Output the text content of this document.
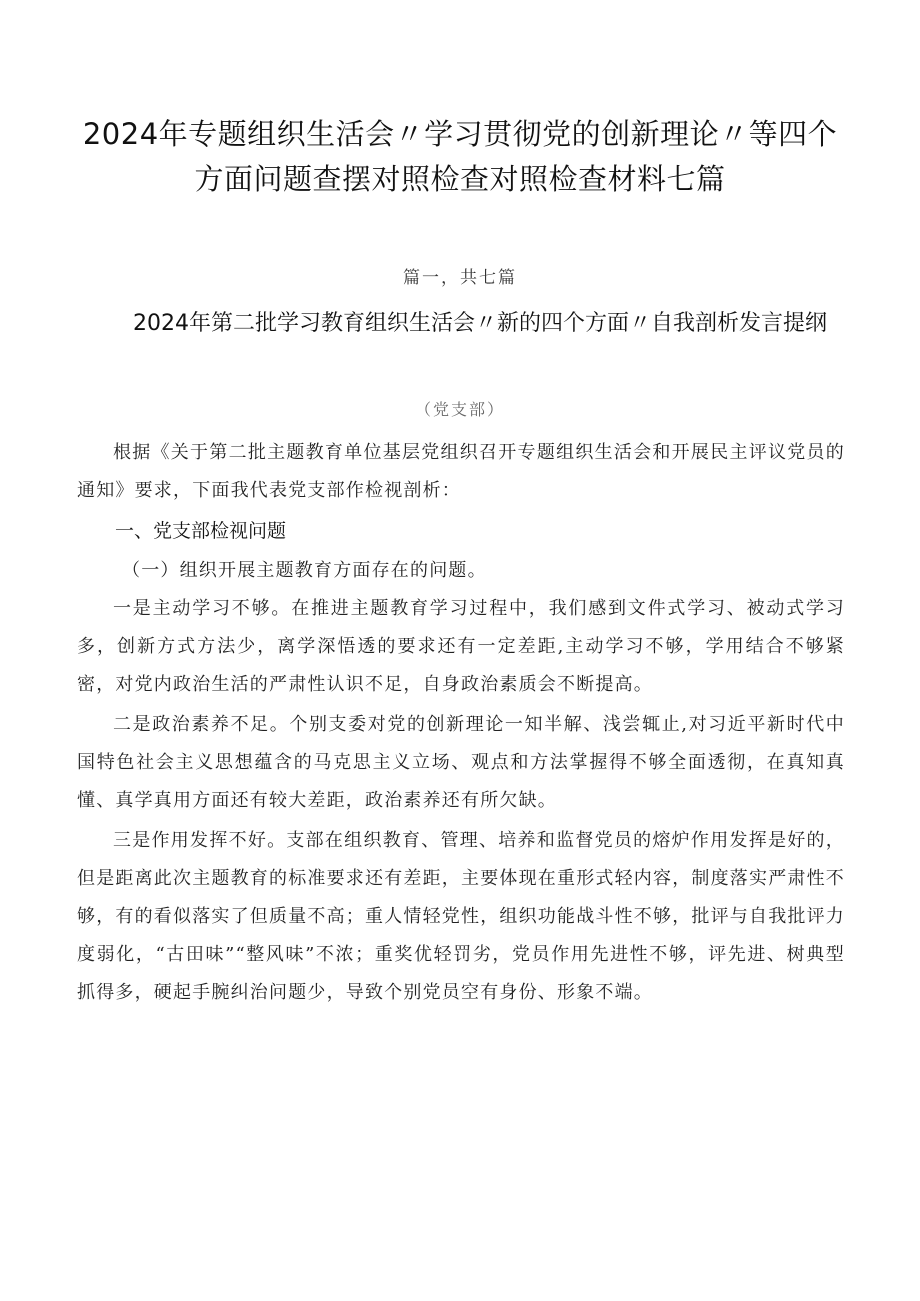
2024年专题组织生活会〃学习贯彻党的创新理论〃等四个方面问题查摆对照检查对照检查材料七篇
篇一，共七篇
2024年第二批学习教育组织生活会〃新的四个方面〃自我剖析发言提纲
（党支部）

根据《关于第二批主题教育单位基层党组织召开专题组织生活会和开展民主评议党员的通知》要求，下面我代表党支部作检视剖析：

一、党支部检视问题

（一）组织开展主题教育方面存在的问题。

一是主动学习不够。在推进主题教育学习过程中，我们感到文件式学习、被动式学习多，创新方式方法少，离学深悟透的要求还有一定差距,主动学习不够，学用结合不够紧密，对党内政治生活的严肃性认识不足，自身政治素质会不断提高。

二是政治素养不足。个别支委对党的创新理论一知半解、浅尝辄止,对习近平新时代中国特色社会主义思想蕴含的马克思主义立场、观点和方法掌握得不够全面透彻，在真知真懂、真学真用方面还有较大差距，政治素养还有所欠缺。

三是作用发挥不好。支部在组织教育、管理、培养和监督党员的熔炉作用发挥是好的，但是距离此次主题教育的标准要求还有差距，主要体现在重形式轻内容，制度落实严肃性不够，有的看似落实了但质量不高；重人情轻党性，组织功能战斗性不够，批评与自我批评力度弱化，“古田味”“整风味”不浓；重奖优轻罚劣，党员作用先进性不够，评先进、树典型抓得多，硬起手腕纠治问题少，导致个别党员空有身份、形象不端。
